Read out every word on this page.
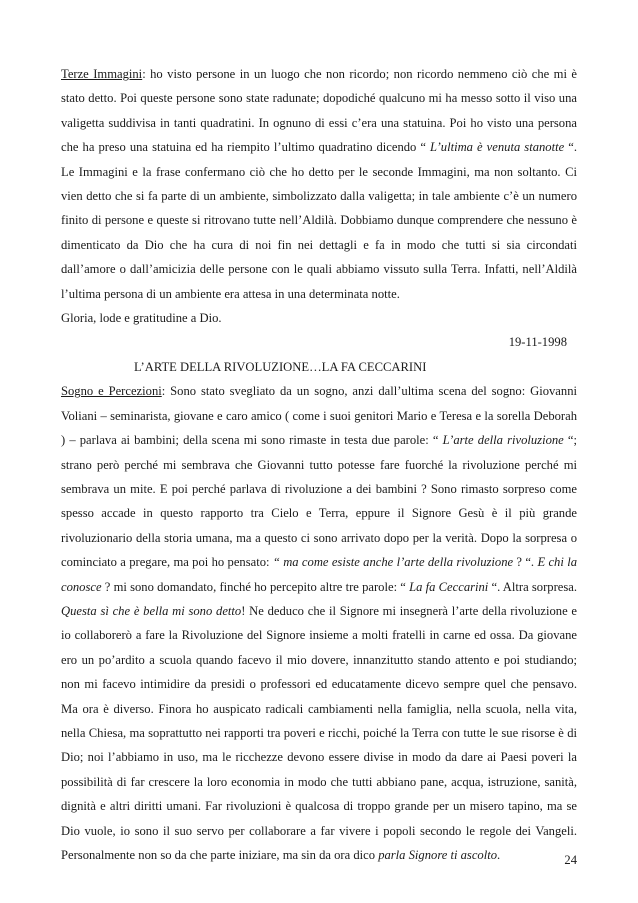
Terze Immagini: ho visto persone in un luogo che non ricordo; non ricordo nemmeno ciò che mi è stato detto. Poi queste persone sono state radunate; dopodiché qualcuno mi ha messo sotto il viso una valigetta suddivisa in tanti quadratini. In ognuno di essi c’era una statuina. Poi ho visto una persona che ha preso una statuina ed ha riempito l’ultimo quadratino dicendo “ L’ultima è venuta stanotte “. Le Immagini e la frase confermano ciò che ho detto per le seconde Immagini, ma non soltanto. Ci vien detto che si fa parte di un ambiente, simbolizzato dalla valigetta; in tale ambiente c’è un numero finito di persone e queste si ritrovano tutte nell’Aldilà. Dobbiamo dunque comprendere che nessuno è dimenticato da Dio che ha cura di noi fin nei dettagli e fa in modo che tutti si sia circondati dall’amore o dall’amicizia delle persone con le quali abbiamo vissuto sulla Terra. Infatti, nell’Aldilà l’ultima persona di un ambiente era attesa in una determinata notte.

Gloria, lode e gratitudine a Dio.

19-11-1998

L’ARTE DELLA RIVOLUZIONE…LA FA CECCARINI

Sogno e Percezioni: Sono stato svegliato da un sogno, anzi dall’ultima scena del sogno: Giovanni Voliani – seminarista, giovane e caro amico ( come i suoi genitori Mario e Teresa e la sorella Deborah ) – parlava ai bambini; della scena mi sono rimaste in testa due parole: “ L’arte della rivoluzione “; strano però perché mi sembrava che Giovanni tutto potesse fare fuorché la rivoluzione perché mi sembrava un mite. E poi perché parlava di rivoluzione a dei bambini ? Sono rimasto sorpreso come spesso accade in questo rapporto tra Cielo e Terra, eppure il Signore Gesù è il più grande rivoluzionario della storia umana, ma a questo ci sono arrivato dopo per la verità. Dopo la sorpresa o cominciato a pregare, ma poi ho pensato: “ ma come esiste anche l’arte della rivoluzione ? “. E chi la conosce ? mi sono domandato, finché ho percepito altre tre parole: “ La fa Ceccarini “. Altra sorpresa. Questa sì che è bella mi sono detto! Ne deduco che il Signore mi insegnerà l’arte della rivoluzione e io collaborerò a fare la Rivoluzione del Signore insieme a molti fratelli in carne ed ossa. Da giovane ero un po’ardito a scuola quando facevo il mio dovere, innanzitutto stando attento e poi studiando; non mi facevo intimidire da presidi o professori ed educatamente dicevo sempre quel che pensavo. Ma ora è diverso. Finora ho auspicato radicali cambiamenti nella famiglia, nella scuola, nella vita, nella Chiesa, ma soprattutto nei rapporti tra poveri e ricchi, poiché la Terra con tutte le sue risorse è di Dio; noi l’abbiamo in uso, ma le ricchezze devono essere divise in modo da dare ai Paesi poveri la possibilità di far crescere la loro economia in modo che tutti abbiano pane, acqua, istruzione, sanità, dignità e altri diritti umani. Far rivoluzioni è qualcosa di troppo grande per un misero tapino, ma se Dio vuole, io sono il suo servo per collaborare a far vivere i popoli secondo le regole dei Vangeli. Personalmente non so da che parte iniziare, ma sin da ora dico parla Signore ti ascolto.	24
